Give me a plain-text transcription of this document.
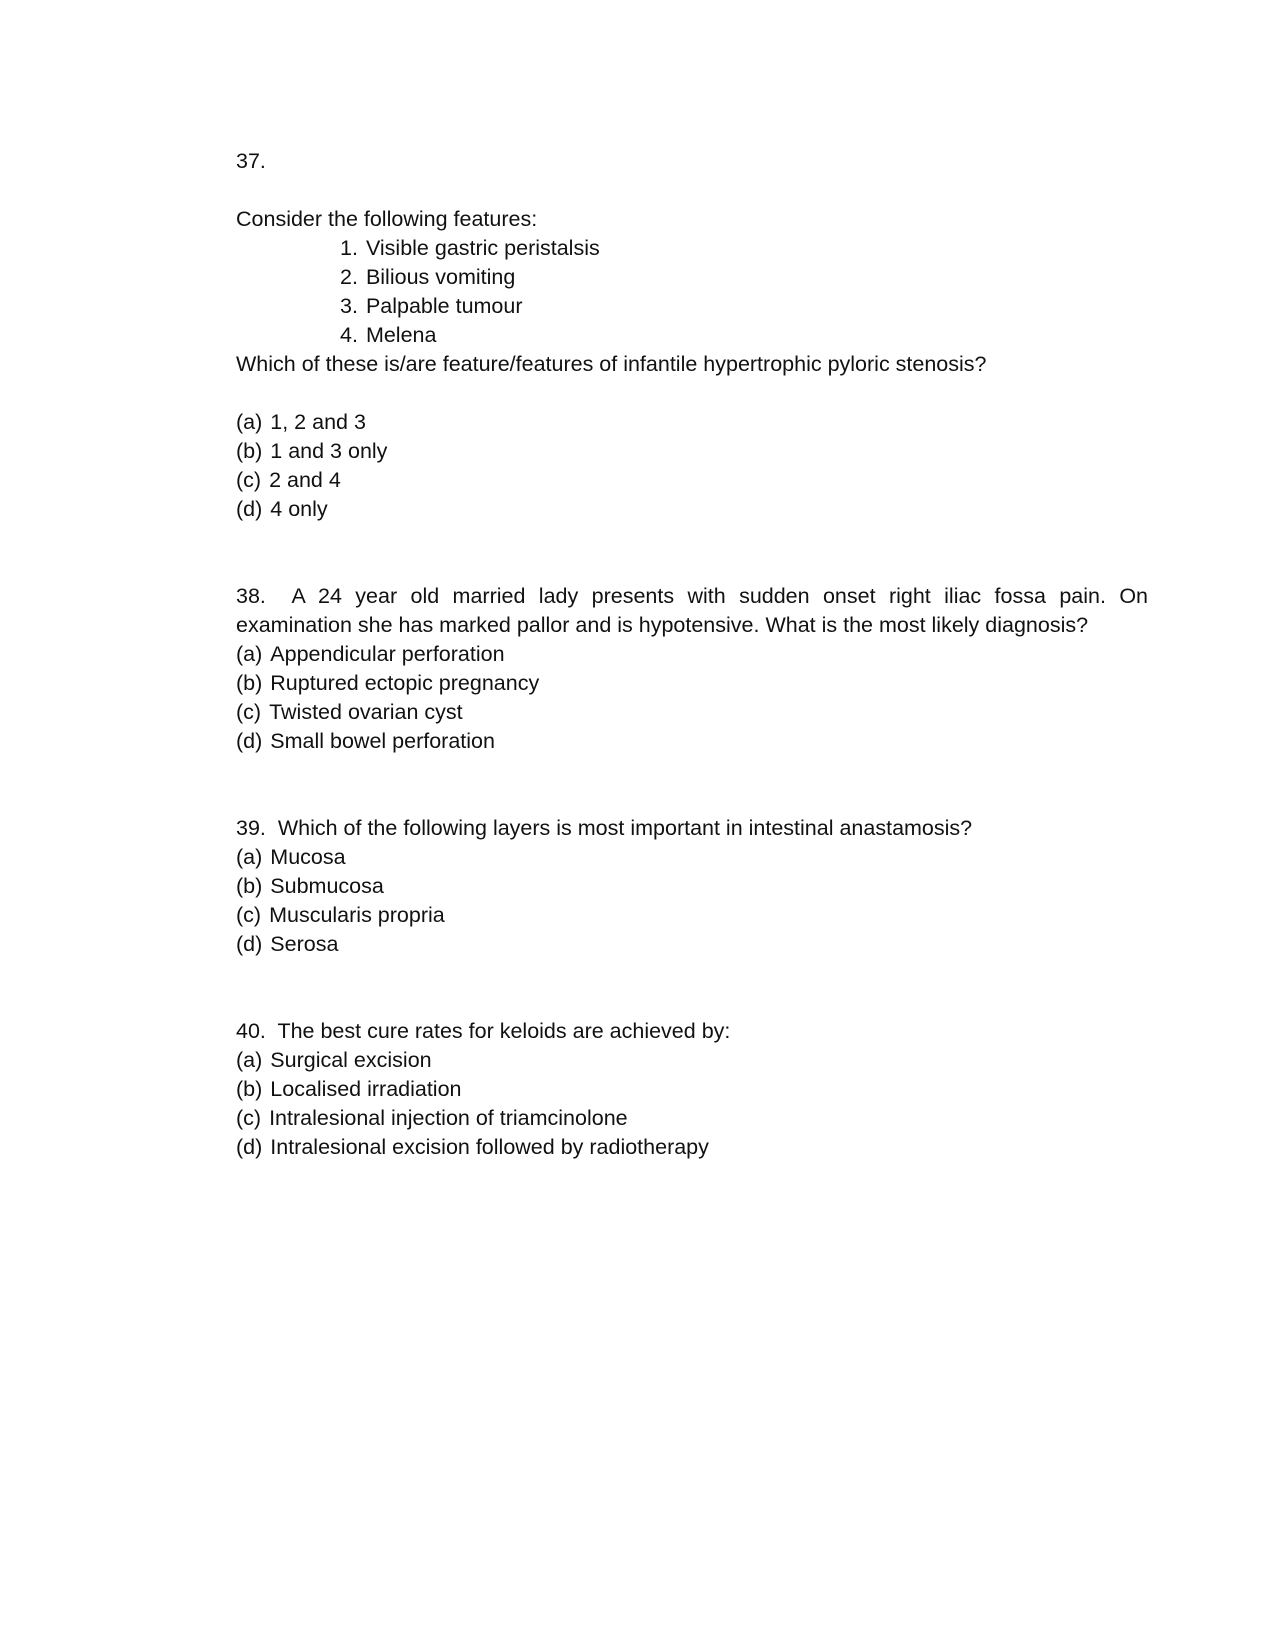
37.
Consider the following features:
1. Visible gastric peristalsis
2. Bilious vomiting
3. Palpable tumour
4. Melena
Which of these is/are feature/features of infantile hypertrophic pyloric stenosis?
(a) 1, 2 and 3
(b) 1 and 3 only
(c) 2 and 4
(d) 4 only
38. A 24 year old married lady presents with sudden onset right iliac fossa pain. On
examination she has marked pallor and is hypotensive. What is the most likely diagnosis?
(a) Appendicular perforation
(b) Ruptured ectopic pregnancy
(c) Twisted ovarian cyst
(d) Small bowel perforation
39. Which of the following layers is most important in intestinal anastamosis?
(a) Mucosa
(b) Submucosa
(c) Muscularis propria
(d) Serosa
40. The best cure rates for keloids are achieved by:
(a) Surgical excision
(b) Localised irradiation
(c) Intralesional injection of triamcinolone
(d) Intralesional excision followed by radiotherapy
